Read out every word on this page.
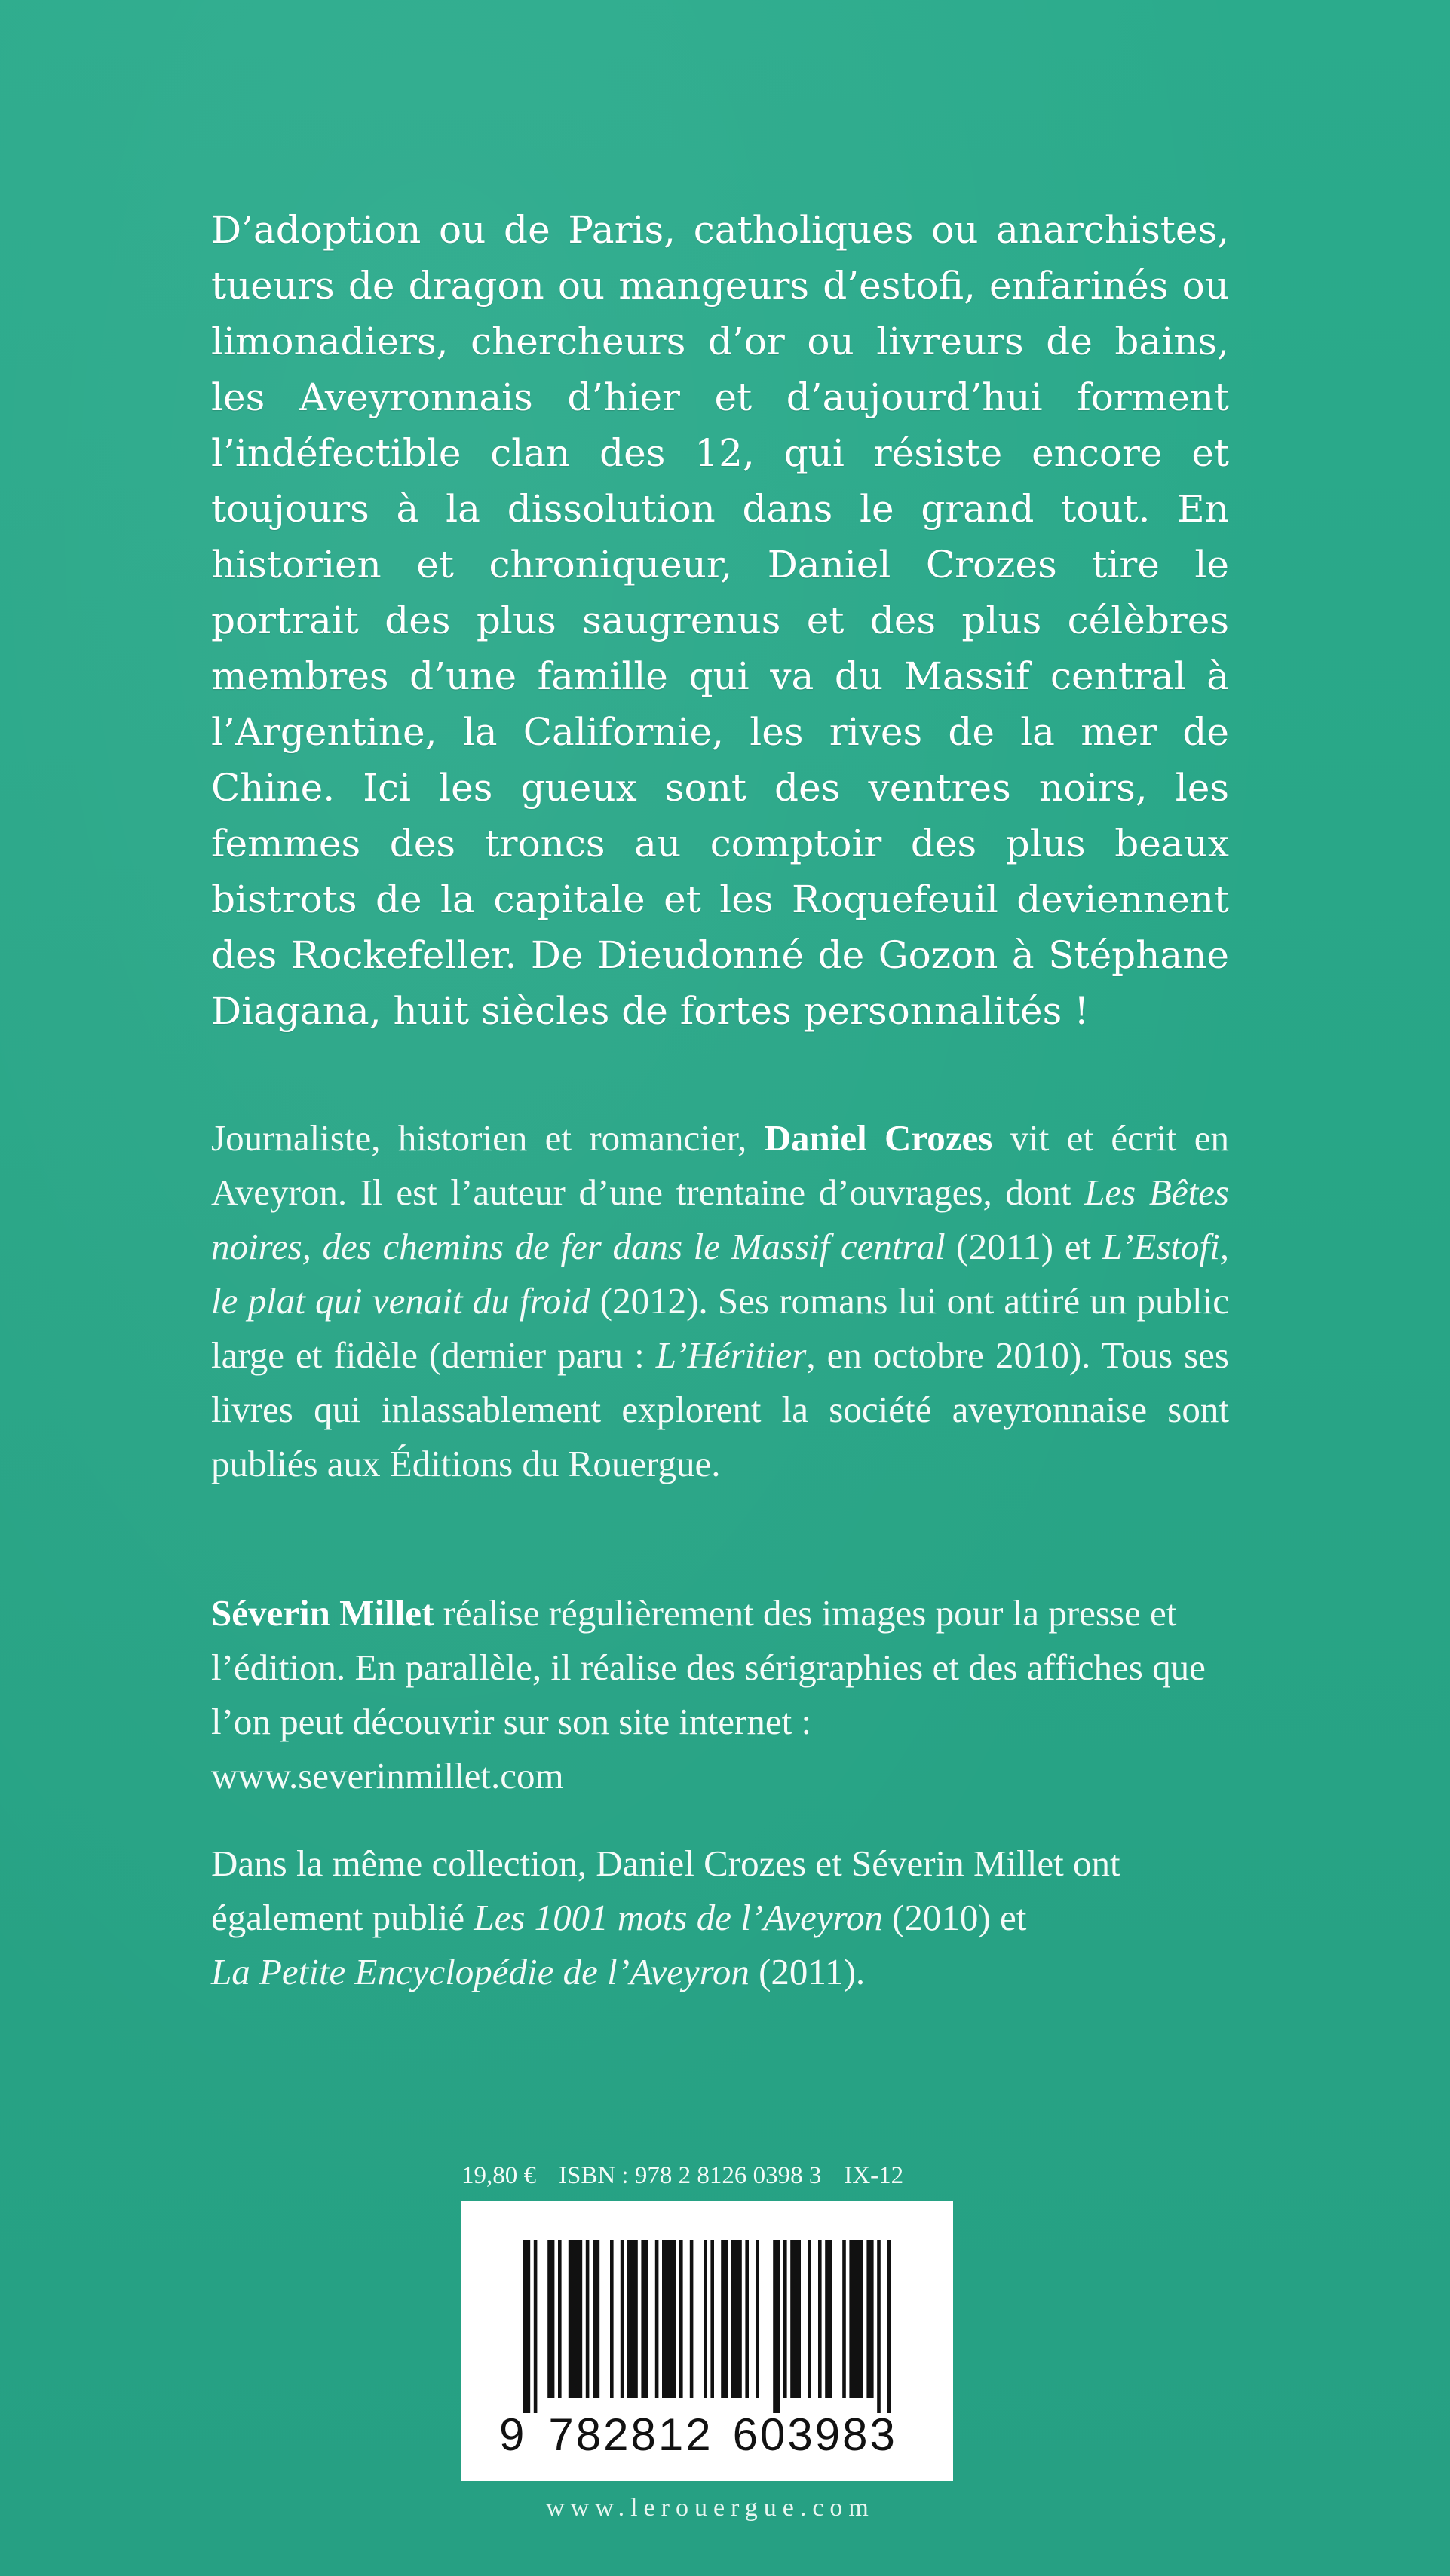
D’adoption ou de Paris, catholiques ou anarchistes, tueurs de dragon ou mangeurs d’estofi, enfarinés ou limonadiers, chercheurs d’or ou livreurs de bains, les Aveyronnais d’hier et d’aujourd’hui forment l’indéfectible clan des 12, qui résiste encore et toujours à la dissolution dans le grand tout. En historien et chroniqueur, Daniel Crozes tire le portrait des plus saugrenus et des plus célèbres membres d’une famille qui va du Massif central à l’Argentine, la Californie, les rives de la mer de Chine. Ici les gueux sont des ventres noirs, les femmes des troncs au comptoir des plus beaux bistrots de la capitale et les Roquefeuil deviennent des Rockefeller. De Dieudonné de Gozon à Stéphane Diagana, huit siècles de fortes personnalités !

Journaliste, historien et romancier, Daniel Crozes vit et écrit en Aveyron. Il est l’auteur d’une trentaine d’ouvrages, dont Les Bêtes noires, des chemins de fer dans le Massif central (2011) et L’Estofi, le plat qui venait du froid (2012). Ses romans lui ont attiré un public large et fidèle (dernier paru : L’Héritier, en octobre 2010). Tous ses livres qui inlassablement explorent la société aveyronnaise sont publiés aux Éditions du Rouergue.

Séverin Millet réalise régulièrement des images pour la presse et l’édition. En parallèle, il réalise des sérigraphies et des affiches que l’on peut découvrir sur son site internet :
www.severinmillet.com

Dans la même collection, Daniel Crozes et Séverin Millet ont également publié Les 1001 mots de l’Aveyron (2010) et
La Petite Encyclopédie de l’Aveyron (2011).

19,80 € ISBN : 978 2 8126 0398 3 IX-12
9 782812 603983
www.lerouergue.com
